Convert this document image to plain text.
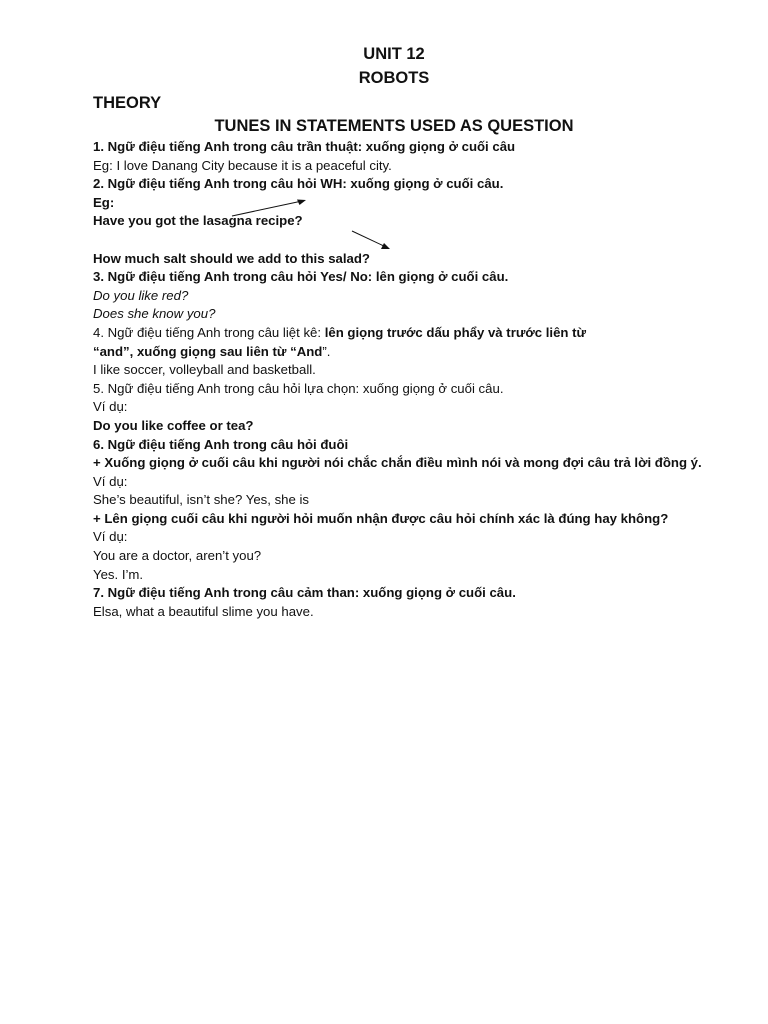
UNIT 12
ROBOTS
THEORY
TUNES IN STATEMENTS USED AS QUESTION
1. Ngữ điệu tiếng Anh trong câu trần thuật: xuống giọng ở cuối câu
Eg: I love Danang City because it is a peaceful city.
2. Ngữ điệu tiếng Anh trong câu hỏi WH: xuống giọng ở cuối câu.
Eg:
Have you got the lasagna recipe?
How much salt should we add to this salad?
3. Ngữ điệu tiếng Anh trong câu hỏi Yes/ No: lên giọng ở cuối câu.
Do you like red?
Does she know you?
4. Ngữ điệu tiếng Anh trong câu liệt kê: lên giọng trước dấu phẩy và trước liên từ
“and”, xuống giọng sau liên từ “And”.
I like soccer, volleyball and basketball.
5. Ngữ điệu tiếng Anh trong câu hỏi lựa chọn: xuống giọng ở cuối câu.
Ví dụ:
Do you like coffee or tea?
6. Ngữ điệu tiếng Anh trong câu hỏi đuôi
+ Xuống giọng ở cuối câu khi người nói chắc chắn điều mình nói và mong đợi câu trả lời đồng ý.
Ví dụ:
She’s beautiful, isn’t she? Yes, she is
+ Lên giọng cuối câu khi người hỏi muốn nhận được câu hỏi chính xác là đúng hay không?
Ví dụ:
You are a doctor, aren’t you?
Yes. I’m.
7. Ngữ điệu tiếng Anh trong câu cảm than: xuống giọng ở cuối câu.
Elsa, what a beautiful slime you have.
